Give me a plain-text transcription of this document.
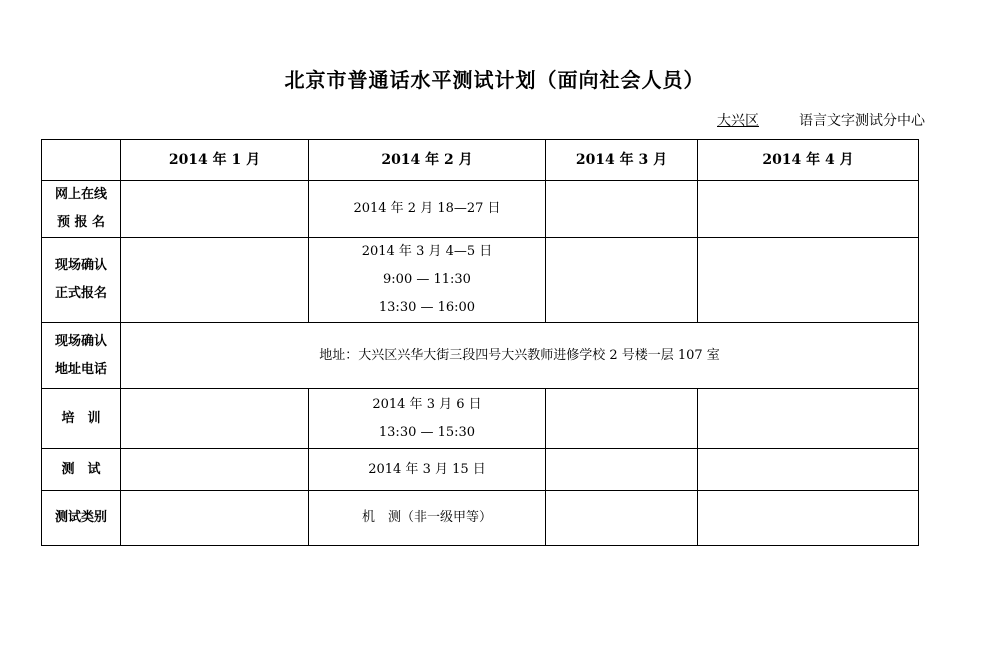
北京市普通话水平测试计划（面向社会人员）
大兴区	语言文字测试分中心
	2014 年 1 月	2014 年 2 月	2014 年 3 月	2014 年 4 月

网上在线
预 报 名		2014 年 2 月 18—27 日		

现场确认
正式报名		2014 年 3 月 4—5 日
9:00 — 11:30
13:30 — 16:00		

现场确认
地址电话	地址：大兴区兴华大街三段四号大兴教师进修学校 2 号楼一层 107 室			
培　训		2014 年 3 月 6 日
13:30 — 15:30		

测　试		2014 年 3 月 15 日		
测试类别		机　测（非一级甲等）		
